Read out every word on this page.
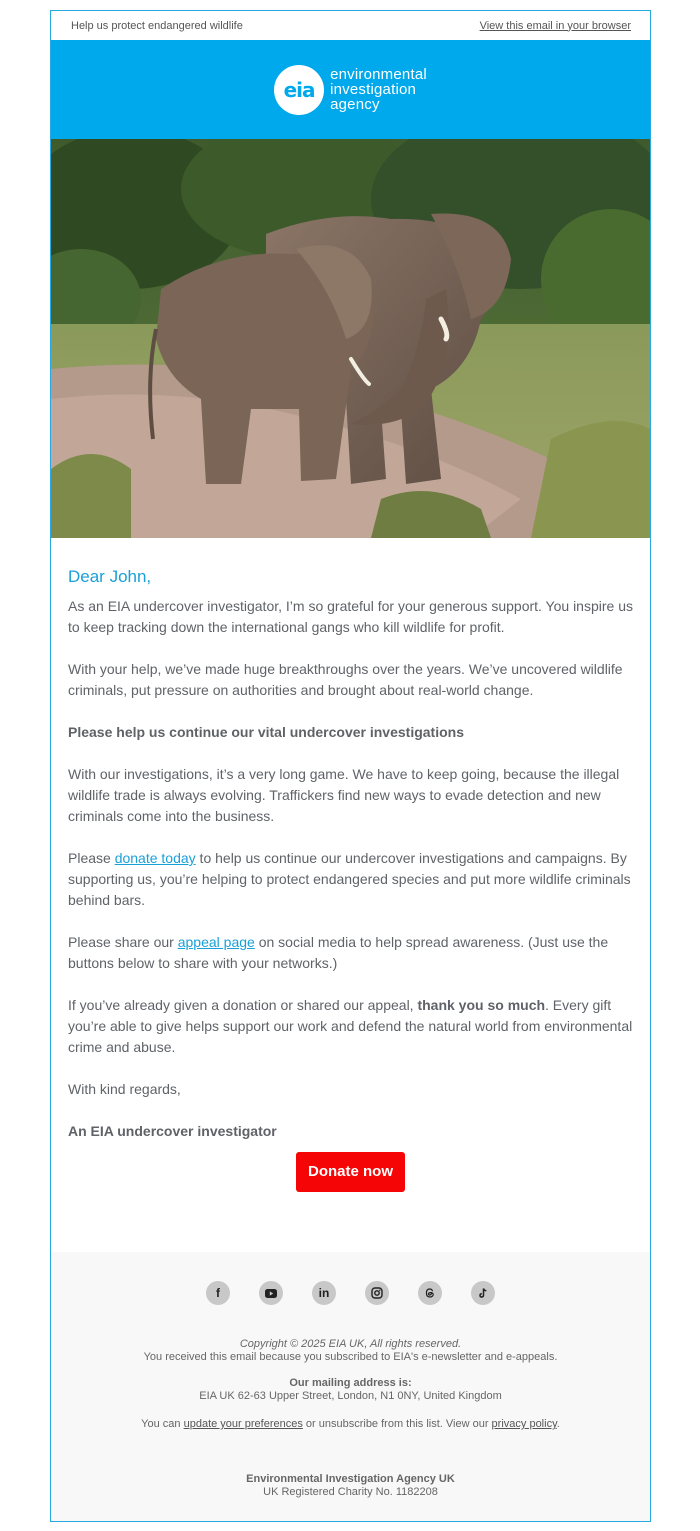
Help us protect endangered wildlife	View this email in your browser
eia
environmental
investigation
agency
Dear John,

As an EIA undercover investigator, I’m so grateful for your generous support. You inspire us to keep tracking down the international gangs who kill wildlife for profit.

With your help, we’ve made huge breakthroughs over the years. We’ve uncovered wildlife criminals, put pressure on authorities and brought about real-world change.

Please help us continue our vital undercover investigations

With our investigations, it’s a very long game. We have to keep going, because the illegal wildlife trade is always evolving. Traffickers find new ways to evade detection and new criminals come into the business.

Please donate today to help us continue our undercover investigations and campaigns. By supporting us, you’re helping to protect endangered species and put more wildlife criminals behind bars.

Please share our appeal page on social media to help spread awareness. (Just use the buttons below to share with your networks.)

If you’ve already given a donation or shared our appeal, thank you so much. Every gift you’re able to give helps support our work and defend the natural world from environmental crime and abuse.

With kind regards,

An EIA undercover investigator

Donate now
f	in
Copyright © 2025 EIA UK, All rights reserved.
You received this email because you subscribed to EIA's e-newsletter and e-appeals.
Our mailing address is:
EIA UK 62-63 Upper Street, London, N1 0NY, United Kingdom
You can update your preferences or unsubscribe from this list. View our privacy policy.
Environmental Investigation Agency UK
UK Registered Charity No. 1182208
